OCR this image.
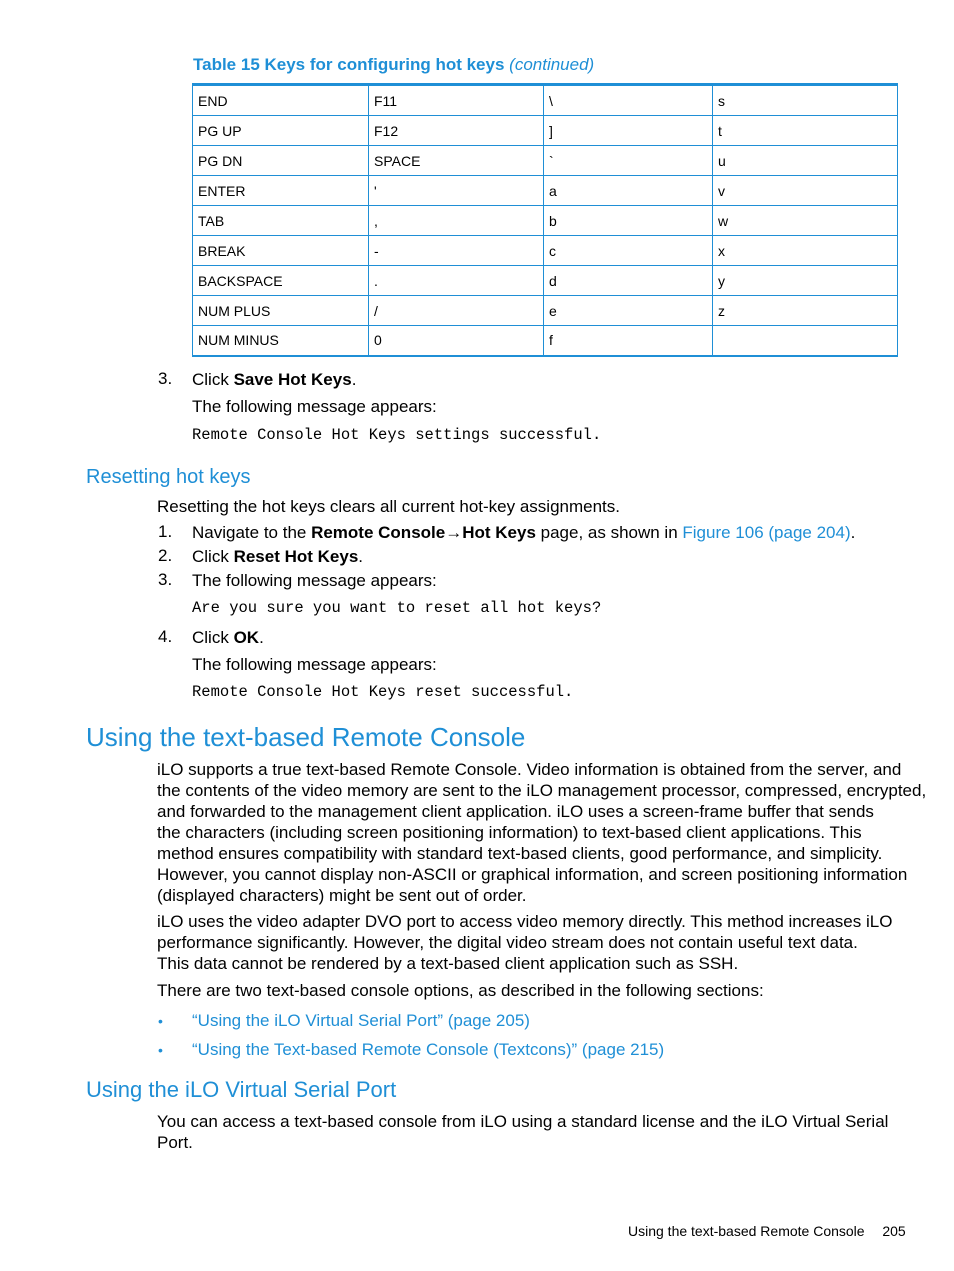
Table 15 Keys for configuring hot keys (continued)
END	F11	\	s
PG UP	F12	]	t
PG DN	SPACE	`	u
ENTER	'	a	v
TAB	,	b	w
BREAK	-	c	x
BACKSPACE	.	d	y
NUM PLUS	/	e	z
NUM MINUS	0	f	
3. Click Save Hot Keys.
The following message appears:
Remote Console Hot Keys settings successful.
Resetting hot keys
Resetting the hot keys clears all current hot-key assignments.
1. Navigate to the Remote Console→Hot Keys page, as shown in Figure 106 (page 204).
2. Click Reset Hot Keys.
3. The following message appears:
Are you sure you want to reset all hot keys?
4. Click OK.
The following message appears:
Remote Console Hot Keys reset successful.
Using the text-based Remote Console
iLO supports a true text-based Remote Console. Video information is obtained from the server, and
the contents of the video memory are sent to the iLO management processor, compressed, encrypted,
and forwarded to the management client application. iLO uses a screen-frame buffer that sends
the characters (including screen positioning information) to text-based client applications. This
method ensures compatibility with standard text-based clients, good performance, and simplicity.
However, you cannot display non-ASCII or graphical information, and screen positioning information
(displayed characters) might be sent out of order.
iLO uses the video adapter DVO port to access video memory directly. This method increases iLO
performance significantly. However, the digital video stream does not contain useful text data.
This data cannot be rendered by a text-based client application such as SSH.
There are two text-based console options, as described in the following sections:
• “Using the iLO Virtual Serial Port” (page 205)
• “Using the Text-based Remote Console (Textcons)” (page 215)
Using the iLO Virtual Serial Port
You can access a text-based console from iLO using a standard license and the iLO Virtual Serial
Port.
Using the text-based Remote Console 205
